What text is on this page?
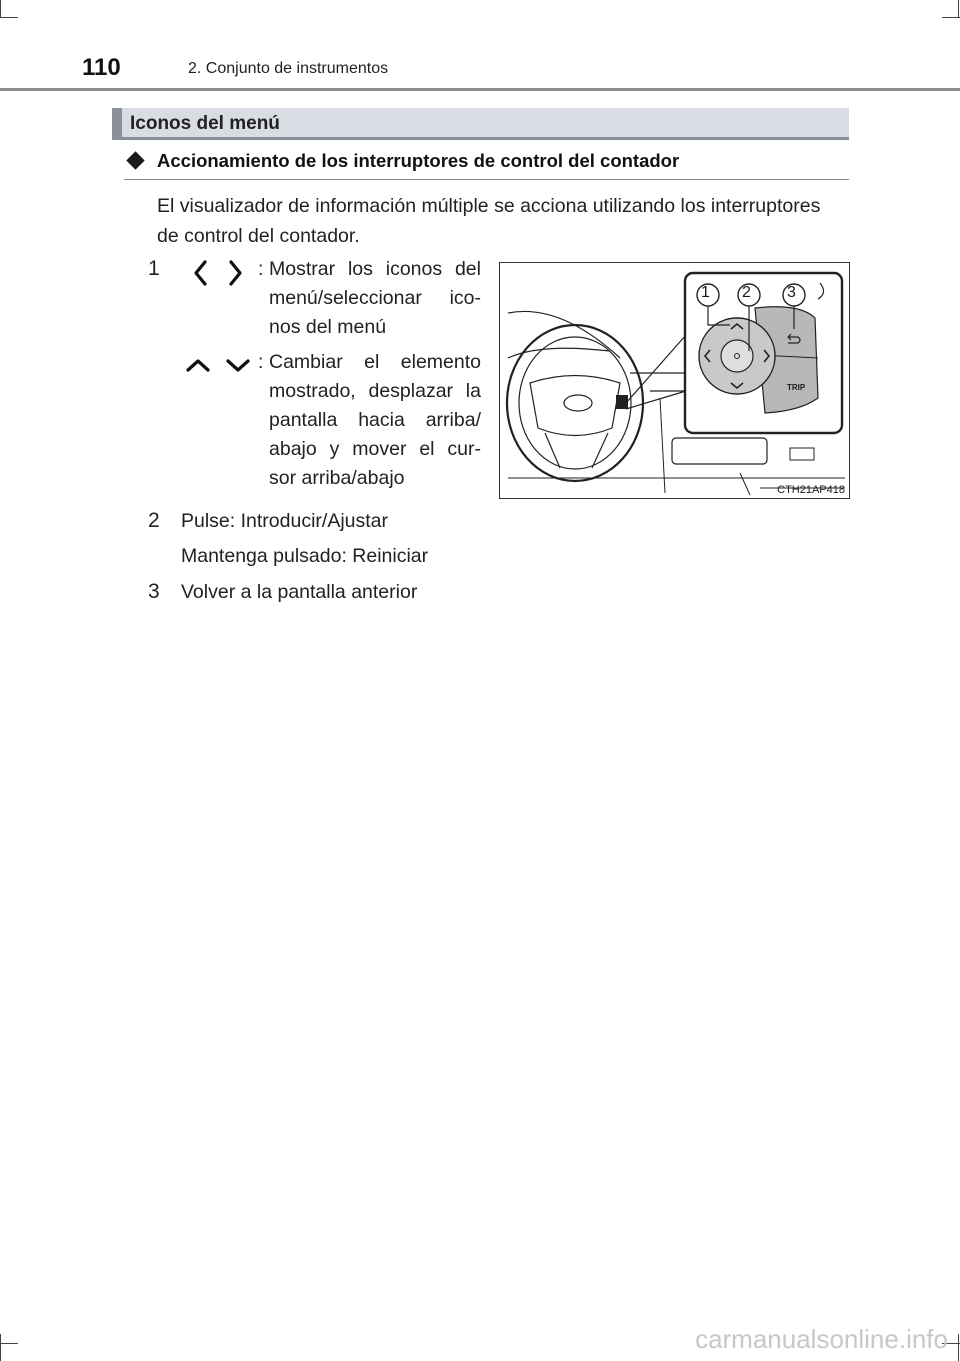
110	2. Conjunto de instrumentos
Iconos del menú
Accionamiento de los interruptores de control del contador
El visualizador de información múltiple se acciona utilizando los interruptores de control del contador.
1	: Mostrar los iconos del
menú/seleccionar ico-
nos del menú
: Cambiar el elemento
mostrado, desplazar la
pantalla hacia arriba/
abajo y mover el cur-
sor arriba/abajo
2 Pulse: Introducir/Ajustar
Mantenga pulsado: Reiniciar
3 Volver a la pantalla anterior
1 2 3
TRIP
CTH21AP418
carmanualsonline.info
